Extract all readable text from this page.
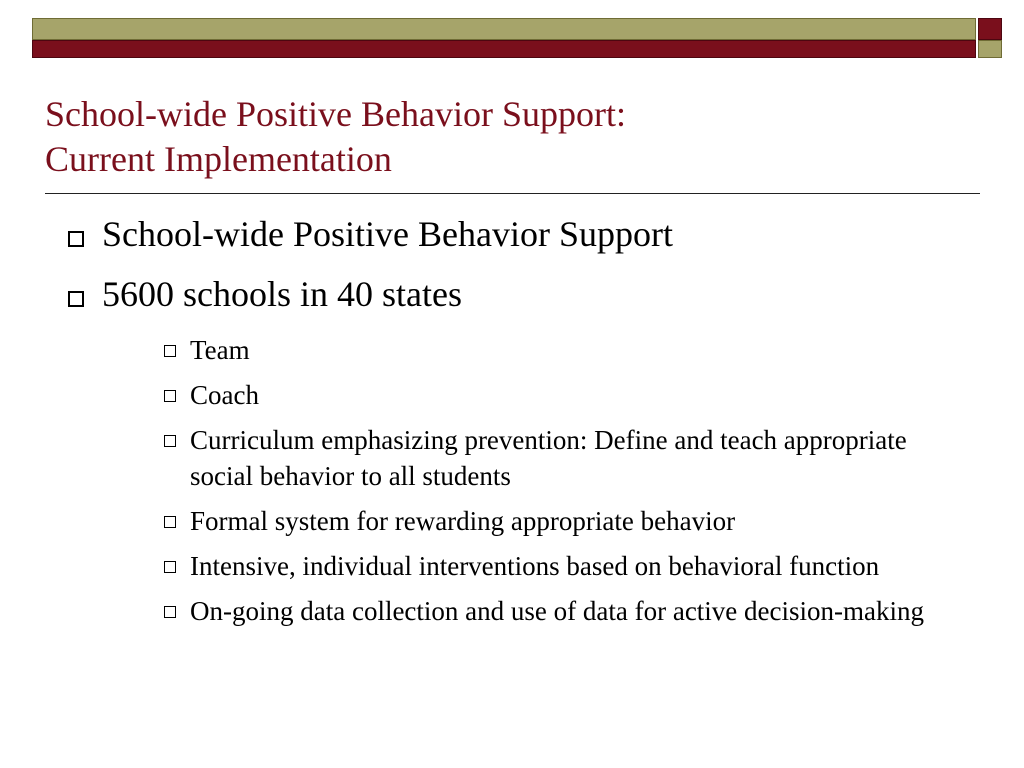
School-wide Positive Behavior Support:
Current Implementation
School-wide Positive Behavior Support
5600 schools in 40 states
Team
Coach
Curriculum emphasizing prevention: Define and teach appropriate social behavior to all students
Formal system for rewarding appropriate behavior
Intensive, individual interventions based on behavioral function
On-going data collection and use of data for active decision-making
